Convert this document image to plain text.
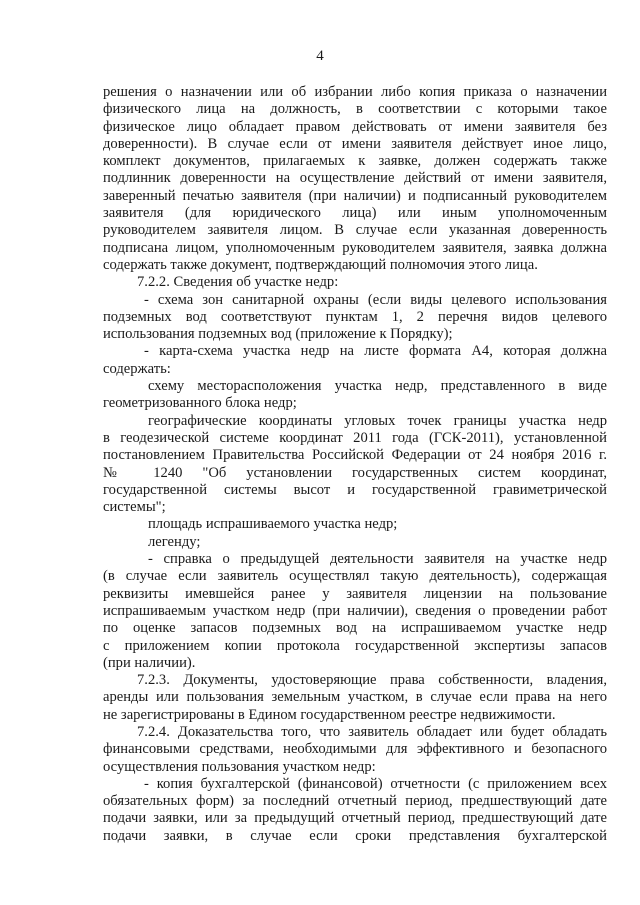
4
решения о назначении или об избрании либо копия приказа о назначении
физического лица на должность, в соответствии с которыми такое
физическое лицо обладает правом действовать от имени заявителя без
доверенности). В случае если от имени заявителя действует иное лицо,
комплект документов, прилагаемых к заявке, должен содержать также
подлинник доверенности на осуществление действий от имени заявителя,
заверенный печатью заявителя (при наличии) и подписанный руководителем
заявителя (для юридического лица) или иным уполномоченным
руководителем заявителя лицом. В случае если указанная доверенность
подписана лицом, уполномоченным руководителем заявителя, заявка должна
содержать также документ, подтверждающий полномочия этого лица.
7.2.2. Сведения об участке недр:
- схема зон санитарной охраны (если виды целевого использования
подземных вод соответствуют пунктам 1, 2 перечня видов целевого
использования подземных вод (приложение к Порядку);
- карта-схема участка недр на листе формата А4, которая должна
содержать:
схему месторасположения участка недр, представленного в виде
геометризованного блока недр;
географические координаты угловых точек границы участка недр
в геодезической системе координат 2011 года (ГСК-2011), установленной
постановлением Правительства Российской Федерации от 24 ноября 2016 г.
№ 1240 "Об установлении государственных систем координат,
государственной системы высот и государственной гравиметрической
системы";
площадь испрашиваемого участка недр;
легенду;
- справка о предыдущей деятельности заявителя на участке недр
(в случае если заявитель осуществлял такую деятельность), содержащая
реквизиты имевшейся ранее у заявителя лицензии на пользование
испрашиваемым участком недр (при наличии), сведения о проведении работ
по оценке запасов подземных вод на испрашиваемом участке недр
с приложением копии протокола государственной экспертизы запасов
(при наличии).
7.2.3. Документы, удостоверяющие права собственности, владения,
аренды или пользования земельным участком, в случае если права на него
не зарегистрированы в Едином государственном реестре недвижимости.
7.2.4. Доказательства того, что заявитель обладает или будет обладать
финансовыми средствами, необходимыми для эффективного и безопасного
осуществления пользования участком недр:
- копия бухгалтерской (финансовой) отчетности (с приложением всех
обязательных форм) за последний отчетный период, предшествующий дате
подачи заявки, или за предыдущий отчетный период, предшествующий дате
подачи заявки, в случае если сроки представления бухгалтерской
